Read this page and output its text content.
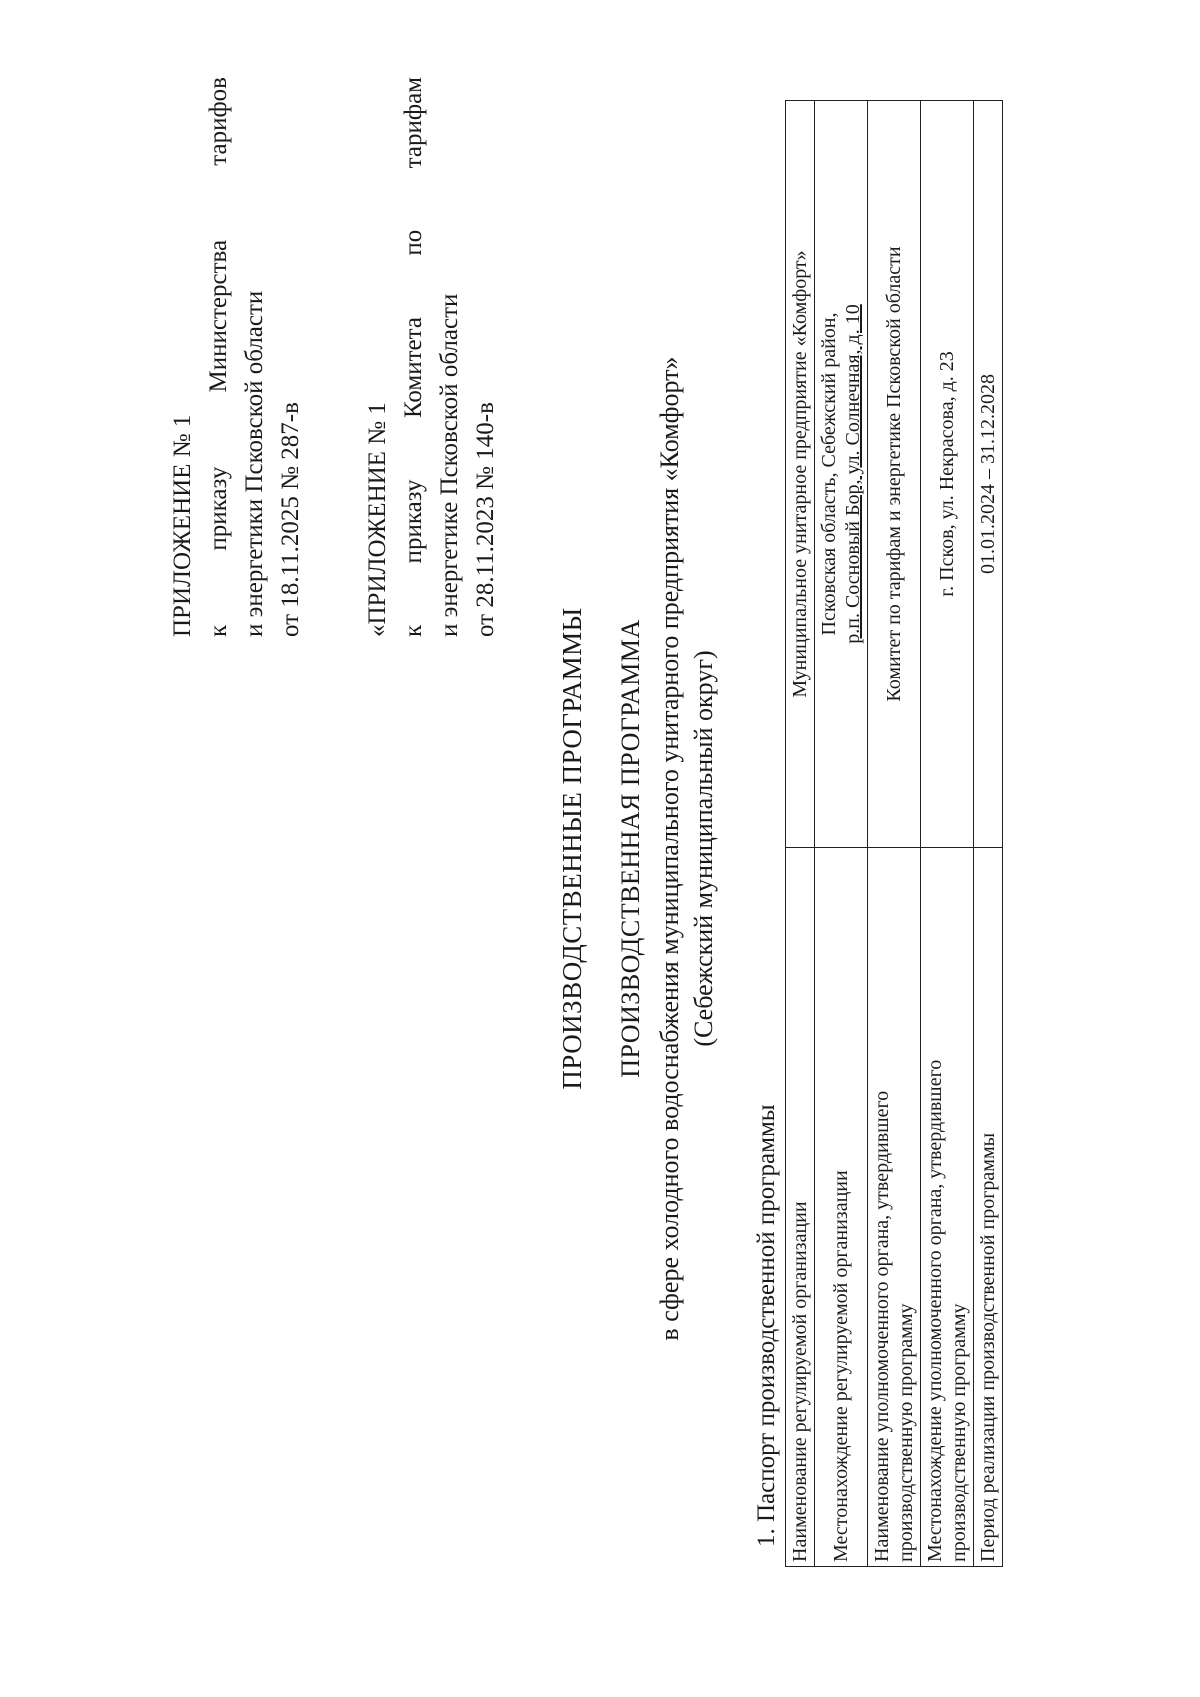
ПРИЛОЖЕНИЕ № 1 к
приказу
Министерства
тарифов
и энергетики Псковской области от 18.11.2025 № 287-в «ПРИЛОЖЕНИЕ № 1 к
приказу
Комитета
по
тарифам
и энергетике Псковской области от 28.11.2023 № 140-в
ПРОИЗВОДСТВЕННЫЕ ПРОГРАММЫ ПРОИЗВОДСТВЕННАЯ ПРОГРАММА в сфере холодного водоснабжения муниципального унитарного предприятия «Комфорт» (Себежский муниципальный округ)
1. Паспорт производственной программы Наименование регулируемой организации	Муниципальное унитарное предприятие «Комфорт»
Местонахождение регулируемой организации	Псковская область, Себежский район, р.п. Сосновый Бор, ул. Солнечная, д. 10

Наименование уполномоченного органа, утвердившего производственную программу	Комитет по тарифам и энергетике Псковской области

Местонахождение уполномоченного органа, утвердившего производственную программу	г. Псков, ул. Некрасова, д. 23
Период реализации производственной программы	01.01.2024 – 31.12.2028
